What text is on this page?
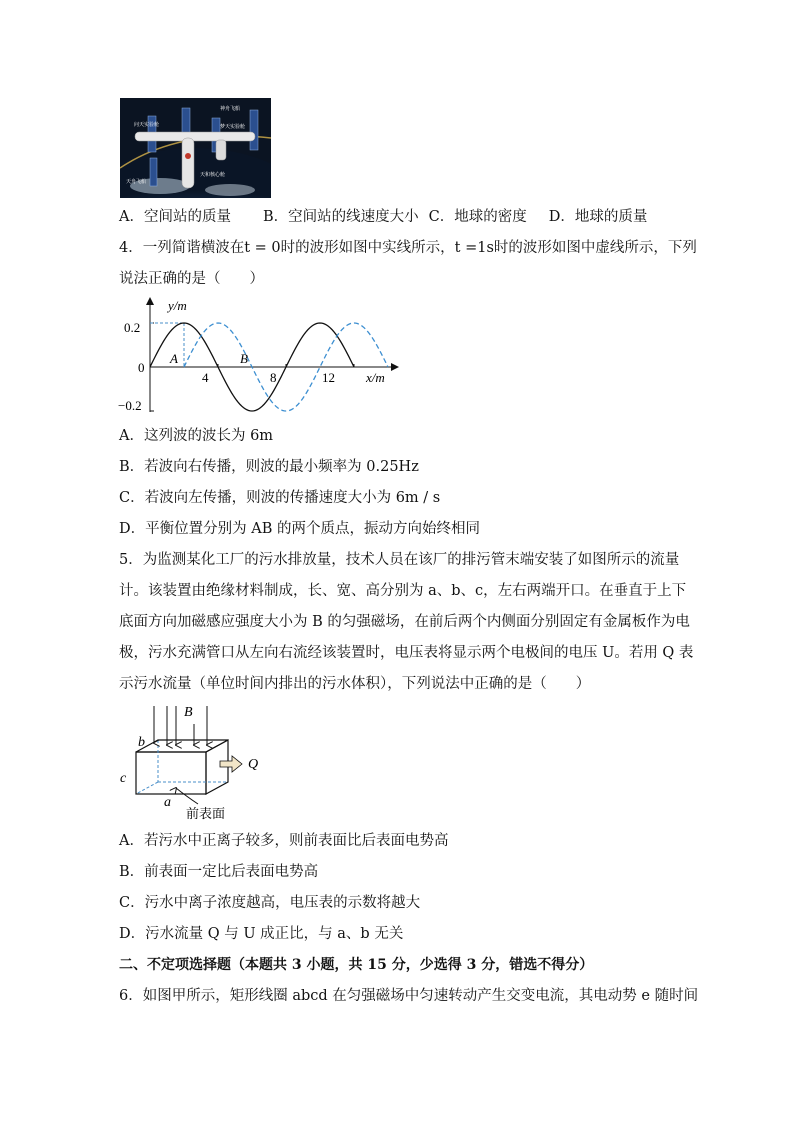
问天实验舱
神舟飞船
梦天实验舱
天舟飞船
天和核心舱
A．空间站的质量 B．空间站的线速度大小 C．地球的密度 D．地球的质量
4．一列简谐横波在t = 0时的波形如图中实线所示，t =1s时的波形如图中虚线所示，下列
说法正确的是（　　）
y/m
0.2
0
−0.2
4	8	12 x/m
A	B
A．这列波的波长为 6m
B．若波向右传播，则波的最小频率为 0.25Hz
C．若波向左传播，则波的传播速度大小为 6m / s
D．平衡位置分别为 AB 的两个质点，振动方向始终相同
5．为监测某化工厂的污水排放量，技术人员在该厂的排污管末端安装了如图所示的流量
计。该装置由绝缘材料制成，长、宽、高分别为 a、b、c，左右两端开口。在垂直于上下
底面方向加磁感应强度大小为 B 的匀强磁场，在前后两个内侧面分别固定有金属板作为电
极，污水充满管口从左向右流经该装置时，电压表将显示两个电极间的电压 U。若用 Q 表
示污水流量（单位时间内排出的污水体积），下列说法中正确的是（　　）
B
b
c
a
Q
前表面
A．若污水中正离子较多，则前表面比后表面电势高
B．前表面一定比后表面电势高
C．污水中离子浓度越高，电压表的示数将越大
D．污水流量 Q 与 U 成正比，与 a、b 无关
二、不定项选择题（本题共 3 小题，共 15 分，少选得 3 分，错选不得分）
6．如图甲所示，矩形线圈 abcd 在匀强磁场中匀速转动产生交变电流，其电动势 e 随时间
